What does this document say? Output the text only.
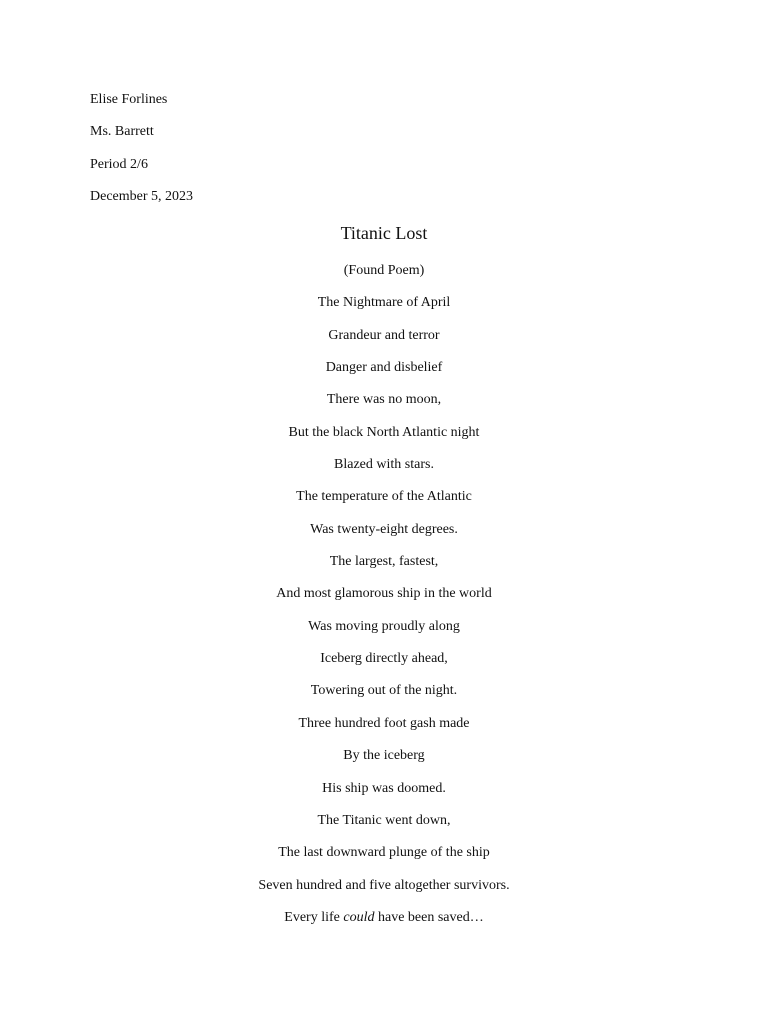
Elise Forlines
Ms. Barrett
Period 2/6
December 5, 2023
Titanic Lost
(Found Poem)
The Nightmare of April
Grandeur and terror
Danger and disbelief
There was no moon,
But the black North Atlantic night
Blazed with stars.
The temperature of the Atlantic
Was twenty-eight degrees.
The largest, fastest,
And most glamorous ship in the world
Was moving proudly along
Iceberg directly ahead,
Towering out of the night.
Three hundred foot gash made
By the iceberg
His ship was doomed.
The Titanic went down,
The last downward plunge of the ship
Seven hundred and five altogether survivors.
Every life could have been saved…
